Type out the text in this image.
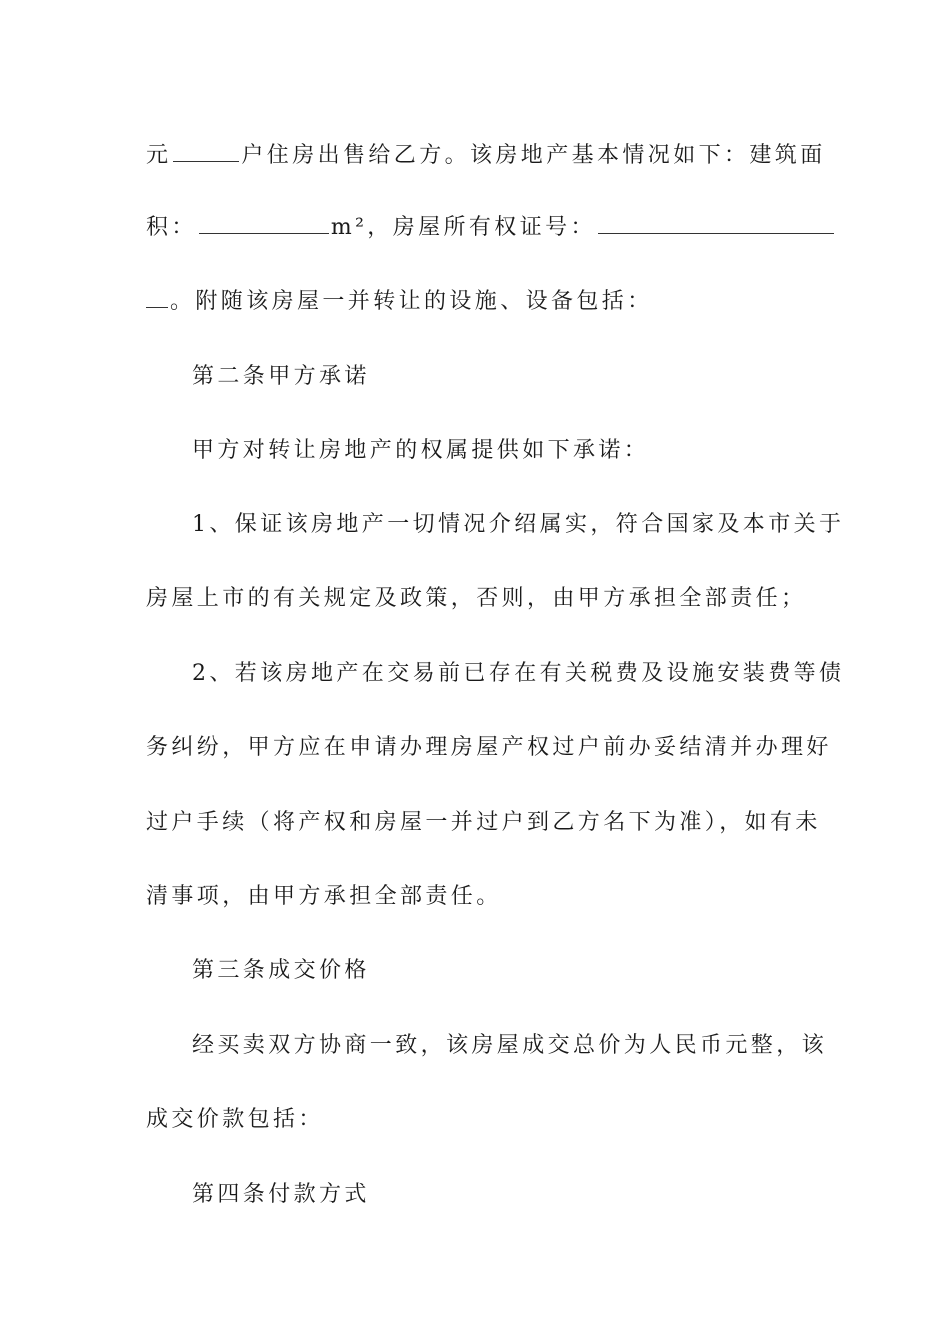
元	户住房出售给乙方。该房地产基本情况如下：建筑面
积：	m²，房屋所有权证号：
。附随该房屋一并转让的设施、设备包括：
第二条甲方承诺
甲方对转让房地产的权属提供如下承诺：
1、保证该房地产一切情况介绍属实，符合国家及本市关于
房屋上市的有关规定及政策，否则，由甲方承担全部责任；
2、若该房地产在交易前已存在有关税费及设施安装费等债
务纠纷，甲方应在申请办理房屋产权过户前办妥结清并办理好
过户手续（将产权和房屋一并过户到乙方名下为准），如有未
清事项，由甲方承担全部责任。
第三条成交价格
经买卖双方协商一致，该房屋成交总价为人民币元整，该
成交价款包括：
第四条付款方式
